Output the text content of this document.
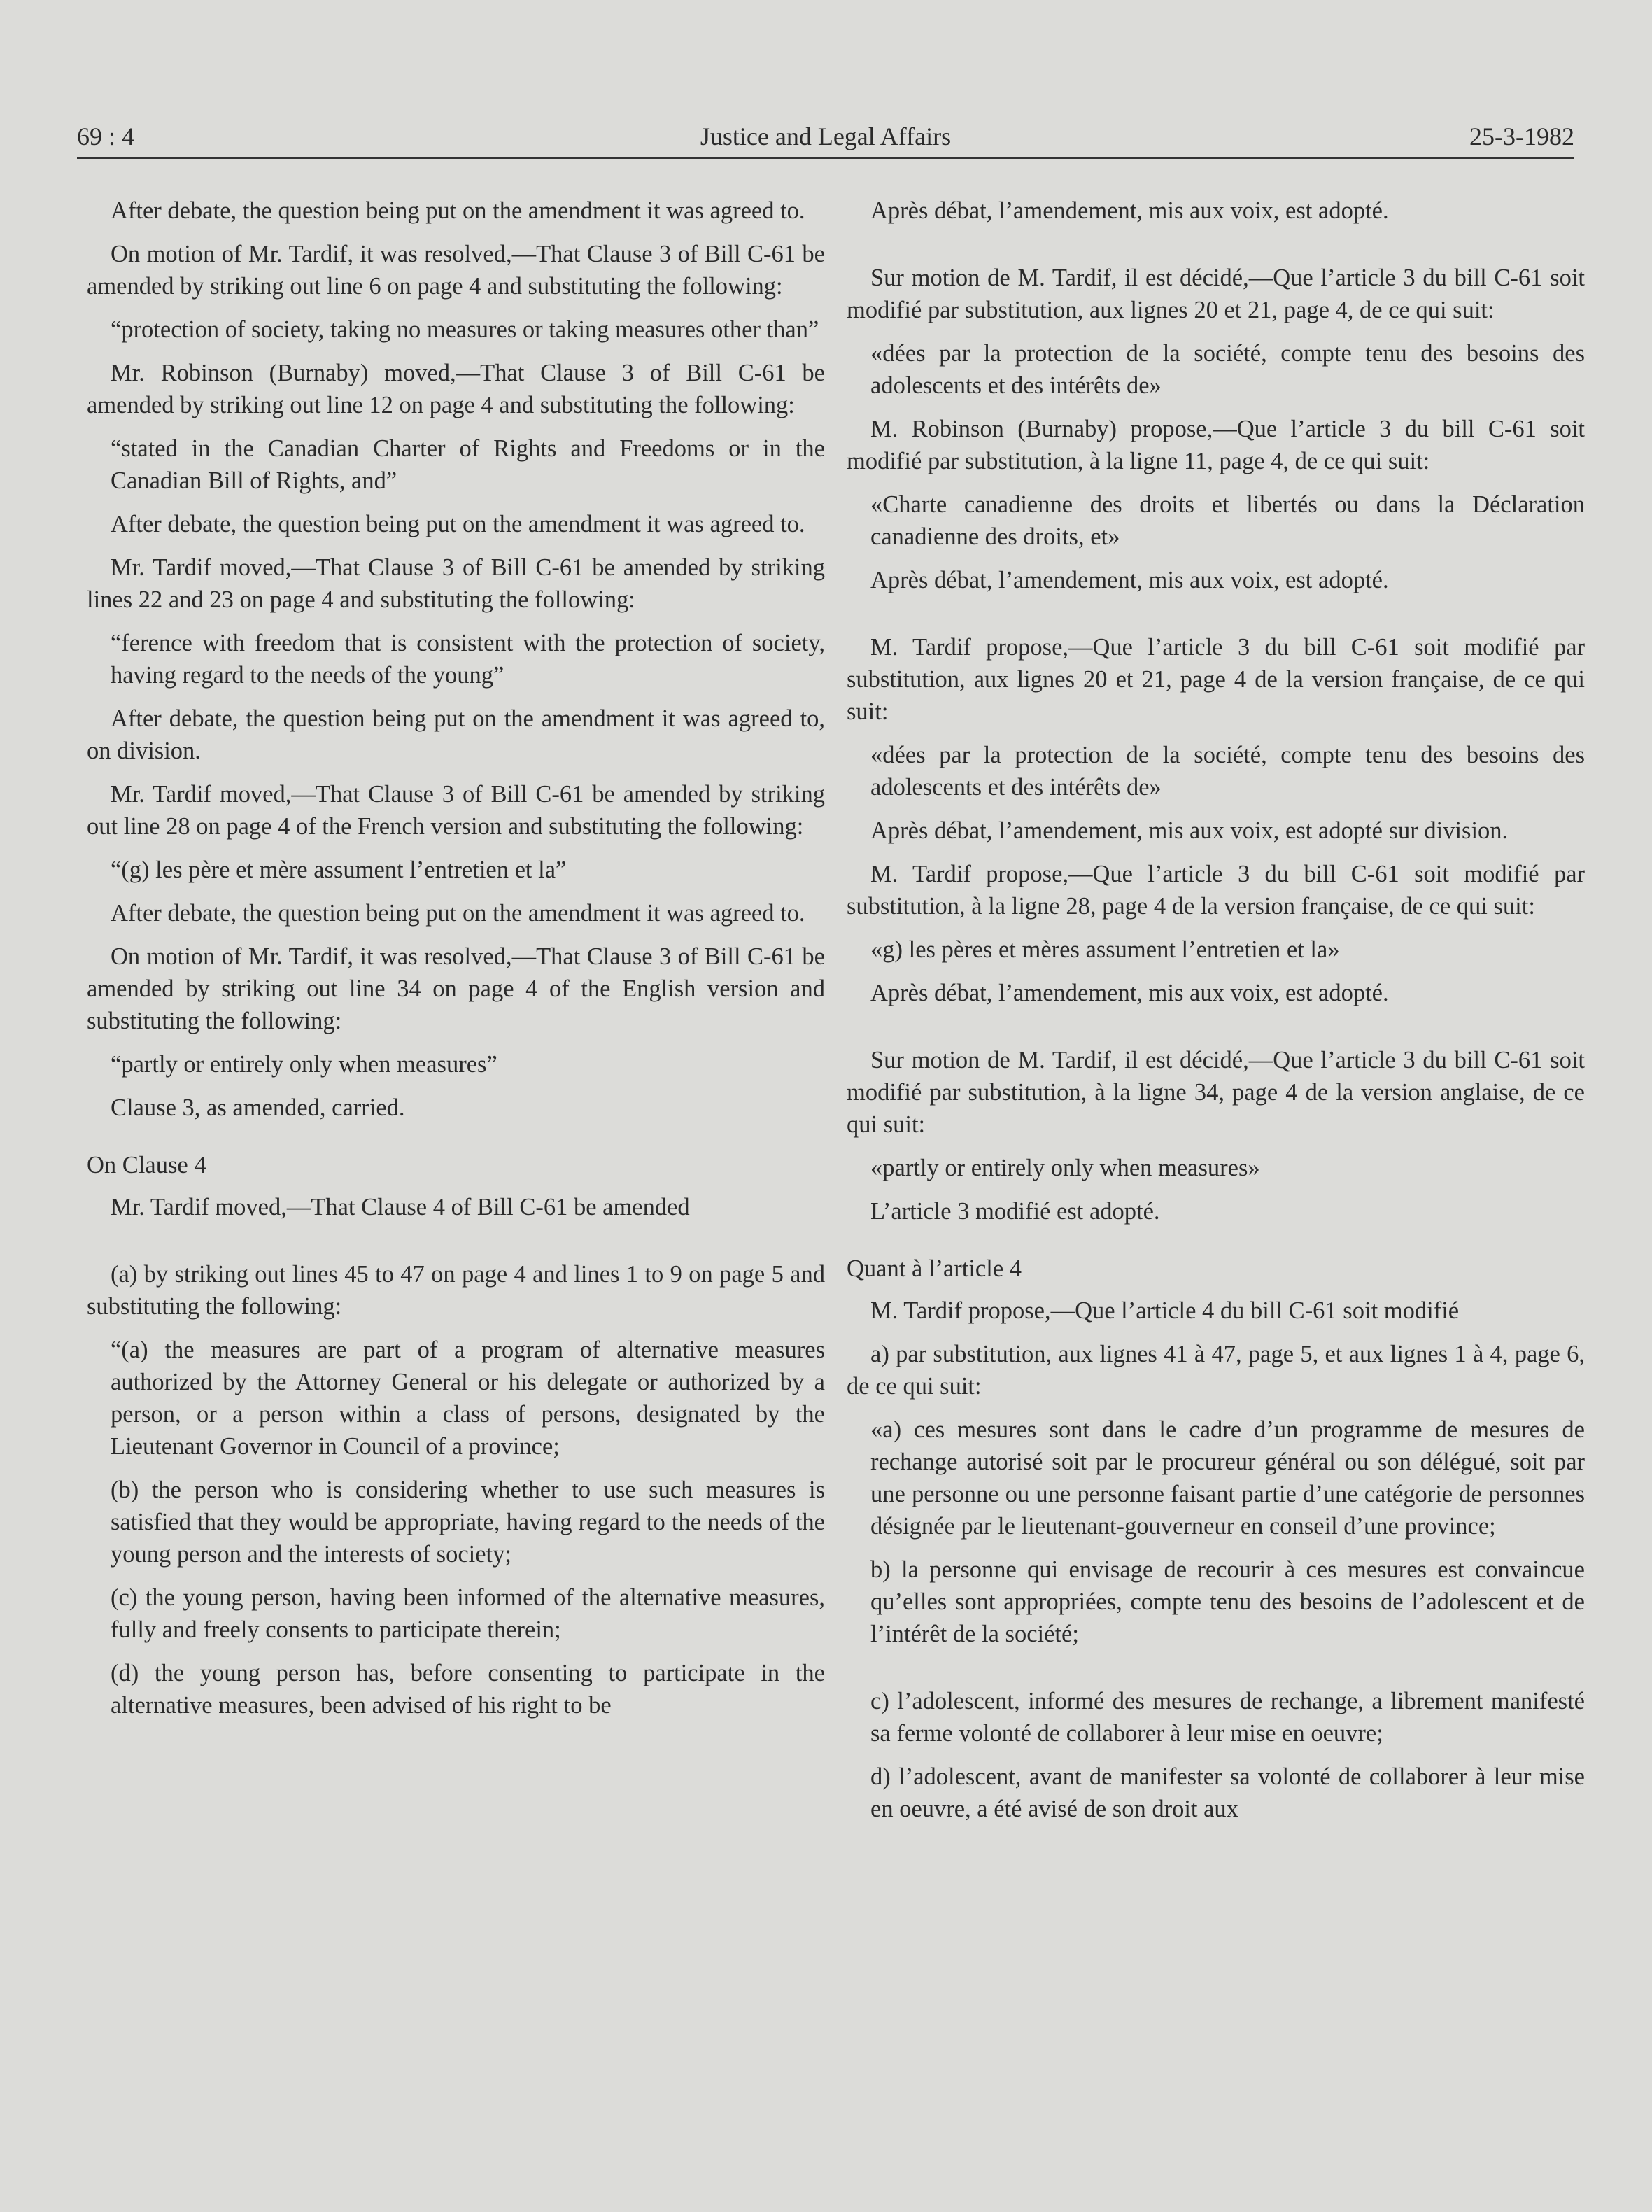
69 : 4	Justice and Legal Affairs	25-3-1982

After debate, the question being put on the amendment it was agreed to.

On motion of Mr. Tardif, it was resolved,—That Clause 3 of Bill C-61 be amended by striking out line 6 on page 4 and substituting the following:

“protection of society, taking no measures or taking measures other than”

Mr. Robinson (Burnaby) moved,—That Clause 3 of Bill C-61 be amended by striking out line 12 on page 4 and substituting the following:

“stated in the Canadian Charter of Rights and Freedoms or in the Canadian Bill of Rights, and”

After debate, the question being put on the amendment it was agreed to.

Mr. Tardif moved,—That Clause 3 of Bill C-61 be amended by striking lines 22 and 23 on page 4 and substituting the following:

“ference with freedom that is consistent with the protection of society, having regard to the needs of the young”

After debate, the question being put on the amendment it was agreed to, on division.

Mr. Tardif moved,—That Clause 3 of Bill C-61 be amended by striking out line 28 on page 4 of the French version and substituting the following:

“(g) les père et mère assument l’entretien et la”

After debate, the question being put on the amendment it was agreed to.

On motion of Mr. Tardif, it was resolved,—That Clause 3 of Bill C-61 be amended by striking out line 34 on page 4 of the English version and substituting the following:

“partly or entirely only when measures”

Clause 3, as amended, carried.

On Clause 4

Mr. Tardif moved,—That Clause 4 of Bill C-61 be amended

(a) by striking out lines 45 to 47 on page 4 and lines 1 to 9 on page 5 and substituting the following:

“(a) the measures are part of a program of alternative measures authorized by the Attorney General or his delegate or authorized by a person, or a person within a class of persons, designated by the Lieutenant Governor in Council of a province;

(b) the person who is considering whether to use such measures is satisfied that they would be appropriate, having regard to the needs of the young person and the interests of society;

(c) the young person, having been informed of the alternative measures, fully and freely consents to participate therein;

(d) the young person has, before consenting to participate in the alternative measures, been advised of his right to be

Après débat, l’amendement, mis aux voix, est adopté.

Sur motion de M. Tardif, il est décidé,—Que l’article 3 du bill C-61 soit modifié par substitution, aux lignes 20 et 21, page 4, de ce qui suit:

«dées par la protection de la société, compte tenu des besoins des adolescents et des intérêts de»

M. Robinson (Burnaby) propose,—Que l’article 3 du bill C-61 soit modifié par substitution, à la ligne 11, page 4, de ce qui suit:

«Charte canadienne des droits et libertés ou dans la Déclaration canadienne des droits, et»

Après débat, l’amendement, mis aux voix, est adopté.

M. Tardif propose,—Que l’article 3 du bill C-61 soit modifié par substitution, aux lignes 20 et 21, page 4 de la version française, de ce qui suit:

«dées par la protection de la société, compte tenu des besoins des adolescents et des intérêts de»

Après débat, l’amendement, mis aux voix, est adopté sur division.

M. Tardif propose,—Que l’article 3 du bill C-61 soit modifié par substitution, à la ligne 28, page 4 de la version française, de ce qui suit:

«g) les pères et mères assument l’entretien et la»

Après débat, l’amendement, mis aux voix, est adopté.

Sur motion de M. Tardif, il est décidé,—Que l’article 3 du bill C-61 soit modifié par substitution, à la ligne 34, page 4 de la version anglaise, de ce qui suit:

«partly or entirely only when measures»

L’article 3 modifié est adopté.

Quant à l’article 4

M. Tardif propose,—Que l’article 4 du bill C-61 soit modifié

a) par substitution, aux lignes 41 à 47, page 5, et aux lignes 1 à 4, page 6, de ce qui suit:

«a) ces mesures sont dans le cadre d’un programme de mesures de rechange autorisé soit par le procureur général ou son délégué, soit par une personne ou une personne faisant partie d’une catégorie de personnes désignée par le lieutenant-gouverneur en conseil d’une province;

b) la personne qui envisage de recourir à ces mesures est convaincue qu’elles sont appropriées, compte tenu des besoins de l’adolescent et de l’intérêt de la société;

c) l’adolescent, informé des mesures de rechange, a librement manifesté sa ferme volonté de collaborer à leur mise en oeuvre;

d) l’adolescent, avant de manifester sa volonté de collaborer à leur mise en oeuvre, a été avisé de son droit aux
